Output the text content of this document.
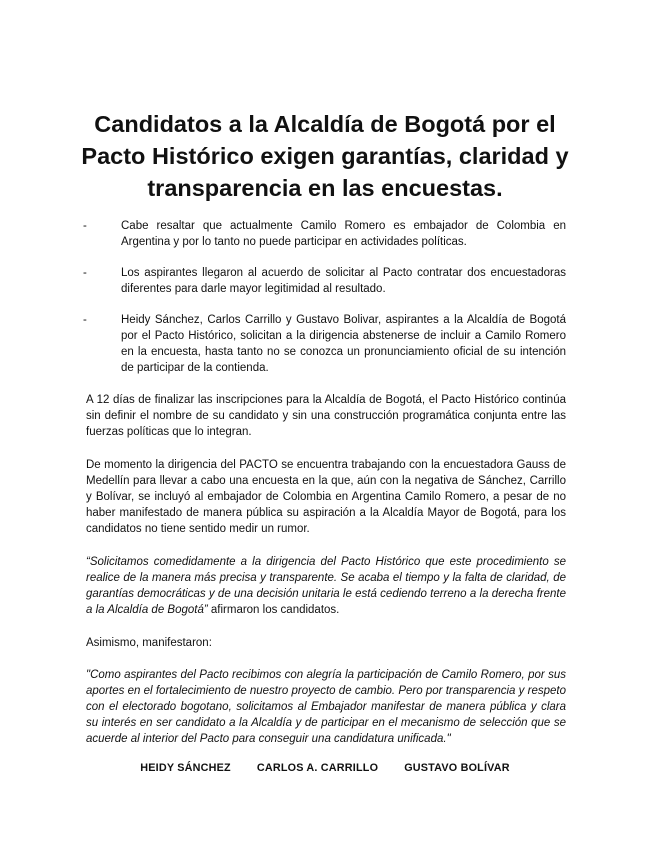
Candidatos a la Alcaldía de Bogotá por el Pacto Histórico exigen garantías, claridad y transparencia en las encuestas.
-	Cabe resaltar que actualmente Camilo Romero es embajador de Colombia en Argentina y por lo tanto no puede participar en actividades políticas.
-	Los aspirantes llegaron al acuerdo de solicitar al Pacto contratar dos encuestadoras diferentes para darle mayor legitimidad al resultado.
-	Heidy Sánchez, Carlos Carrillo y Gustavo Bolivar, aspirantes a la Alcaldía de Bogotá por el Pacto Histórico, solicitan a la dirigencia abstenerse de incluir a Camilo Romero en la encuesta, hasta tanto no se conozca un pronunciamiento oficial de su intención de participar de la contienda.

A 12 días de finalizar las inscripciones para la Alcaldía de Bogotá, el Pacto Histórico continúa sin definir el nombre de su candidato y sin una construcción programática conjunta entre las fuerzas políticas que lo integran.

De momento la dirigencia del PACTO se encuentra trabajando con la encuestadora Gauss de Medellín para llevar a cabo una encuesta en la que, aún con la negativa de Sánchez, Carrillo y Bolívar, se incluyó al embajador de Colombia en Argentina Camilo Romero, a pesar de no haber manifestado de manera pública su aspiración a la Alcaldía Mayor de Bogotá, para los candidatos no tiene sentido medir un rumor.

“Solicitamos comedidamente a la dirigencia del Pacto Histórico que este procedimiento se realice de la manera más precisa y transparente. Se acaba el tiempo y la falta de claridad, de garantías democráticas y de una decisión unitaria le está cediendo terreno a la derecha frente a la Alcaldía de Bogotá” afirmaron los candidatos.

Asimismo, manifestaron:

"Como aspirantes del Pacto recibimos con alegría la participación de Camilo Romero, por sus aportes en el fortalecimiento de nuestro proyecto de cambio. Pero por transparencia y respeto con el electorado bogotano, solicitamos al Embajador manifestar de manera pública y clara su interés en ser candidato a la Alcaldía y de participar en el mecanismo de selección que se acuerde al interior del Pacto para conseguir una candidatura unificada."

HEIDY SÁNCHEZ CARLOS A. CARRILLO GUSTAVO BOLÍVAR
